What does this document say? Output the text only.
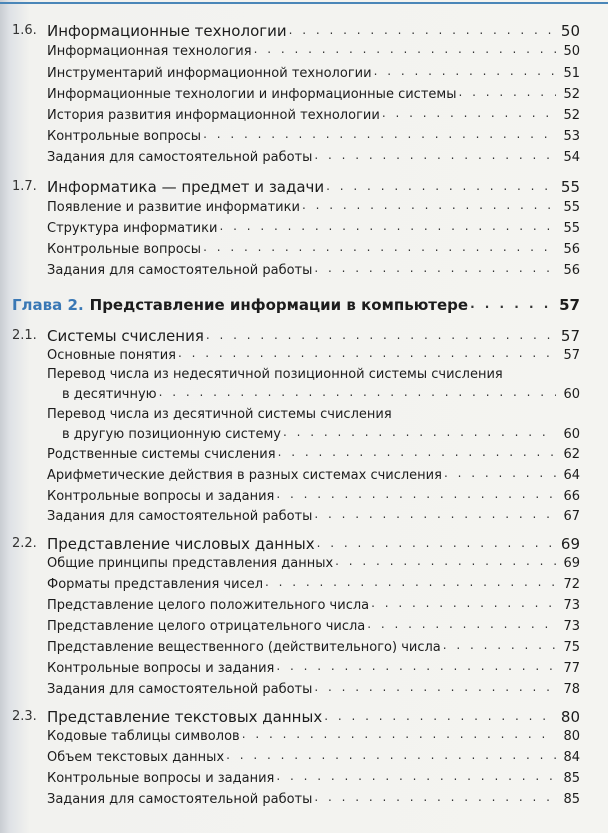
1.6. Информационные технологии . . .	50
Информационная технология . . .	50
Инструментарий информационной технологии . . .	51
Информационные технологии и информационные системы . . .	52
История развития информационной технологии . . .	52
Контрольные вопросы . . .	53
Задания для самостоятельной работы . . .	54
1.7. Информатика — предмет и задачи . . .	55
Появление и развитие информатики . . .	55
Структура информатики . . .	55
Контрольные вопросы . . .	56
Задания для самостоятельной работы . . .	56
Глава 2. Представление информации в компьютере . . .	57
2.1. Системы счисления . . .	57
Основные понятия . . .	57
Перевод числа из недесятичной позиционной системы счисления
в десятичную . . .	60
Перевод числа из десятичной системы счисления
в другую позиционную систему . . .	60
Родственные системы счисления . . .	62
Арифметические действия в разных системах счисления . . .	64
Контрольные вопросы и задания . . .	66
Задания для самостоятельной работы . . .	67
2.2. Представление числовых данных . . .	69
Общие принципы представления данных . . .	69
Форматы представления чисел . . .	72
Представление целого положительного числа . . .	73
Представление целого отрицательного числа . . .	73
Представление вещественного (действительного) числа . . .	75
Контрольные вопросы и задания . . .	77
Задания для самостоятельной работы . . .	78
2.3. Представление текстовых данных . . .	80
Кодовые таблицы символов . . .	80
Объем текстовых данных . . .	84
Контрольные вопросы и задания . . .	85
Задания для самостоятельной работы . . .	85
